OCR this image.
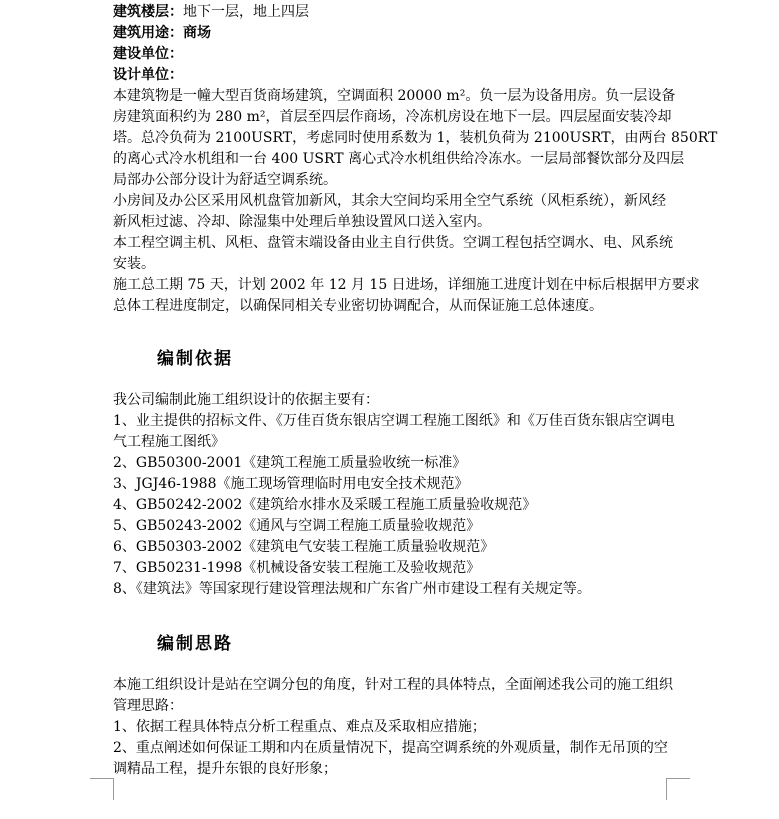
建筑楼层：地下一层，地上四层
建筑用途：商场
建设单位：
设计单位：
本建筑物是一幢大型百货商场建筑，空调面积 20000 m²。负一层为设备用房。负一层设备
房建筑面积约为 280 m²，首层至四层作商场，冷冻机房设在地下一层。四层屋面安装冷却
塔。总冷负荷为 2100USRT，考虑同时使用系数为 1，装机负荷为 2100USRT，由两台 850RT
的离心式冷水机组和一台 400 USRT 离心式冷水机组供给冷冻水。一层局部餐饮部分及四层
局部办公部分设计为舒适空调系统。
小房间及办公区采用风机盘管加新风，其余大空间均采用全空气系统（风柜系统），新风经
新风柜过滤、冷却、除湿集中处理后单独设置风口送入室内。
本工程空调主机、风柜、盘管末端设备由业主自行供货。空调工程包括空调水、电、风系统
安装。
施工总工期 75 天，计划 2002 年 12 月 15 日进场，详细施工进度计划在中标后根据甲方要求
总体工程进度制定，以确保同相关专业密切协调配合，从而保证施工总体速度。
编制依据
我公司编制此施工组织设计的依据主要有：
1、业主提供的招标文件、《万佳百货东银店空调工程施工图纸》和《万佳百货东银店空调电
气工程施工图纸》
2、GB50300-2001《建筑工程施工质量验收统一标准》
3、JGJ46-1988《施工现场管理临时用电安全技术规范》
4、GB50242-2002《建筑给水排水及采暖工程施工质量验收规范》
5、GB50243-2002《通风与空调工程施工质量验收规范》
6、GB50303-2002《建筑电气安装工程施工质量验收规范》
7、GB50231-1998《机械设备安装工程施工及验收规范》
8、《建筑法》等国家现行建设管理法规和广东省广州市建设工程有关规定等。
编制思路
本施工组织设计是站在空调分包的角度，针对工程的具体特点，全面阐述我公司的施工组织
管理思路：
1、依据工程具体特点分析工程重点、难点及采取相应措施；
2、重点阐述如何保证工期和内在质量情况下，提高空调系统的外观质量，制作无吊顶的空
调精品工程，提升东银的良好形象；
